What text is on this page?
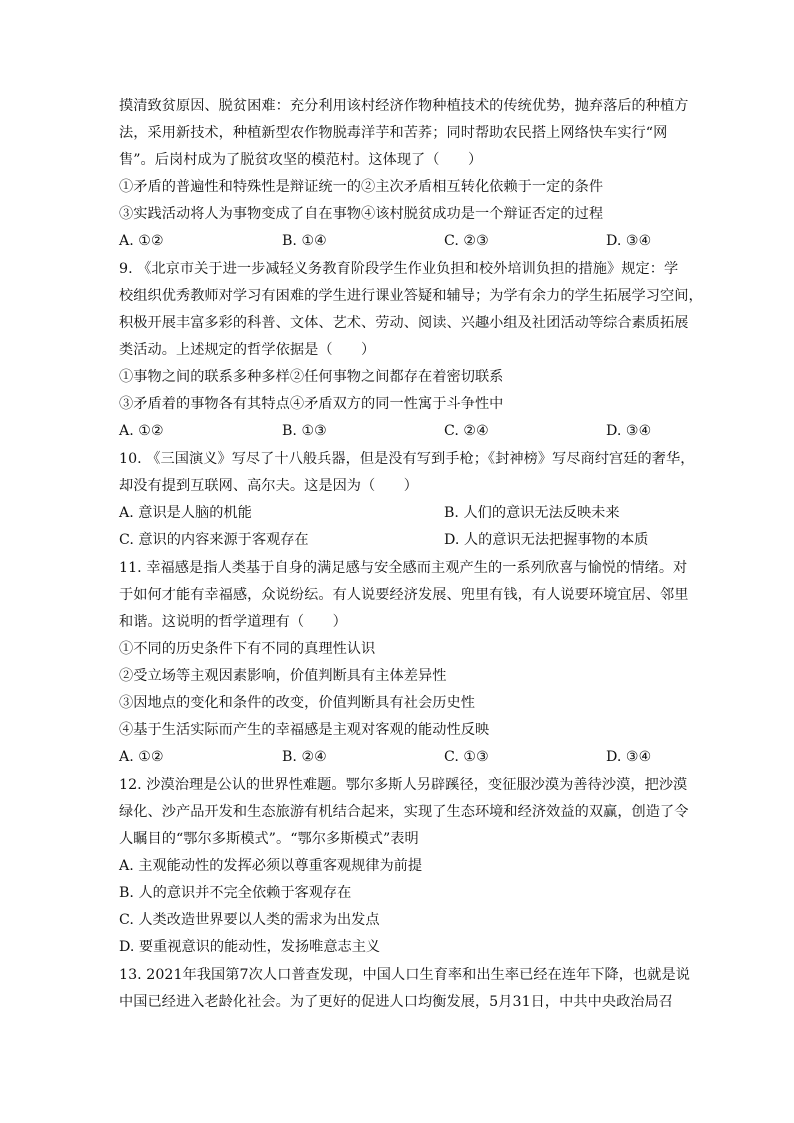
摸清致贫原因、脱贫困难：充分利用该村经济作物种植技术的传统优势，抛弃落后的种植方
法，采用新技术，种植新型农作物脱毒洋芋和苦荞；同时帮助农民搭上网络快车实行“网
售”。后岗村成为了脱贫攻坚的模范村。这体现了（　　）
①矛盾的普遍性和特殊性是辩证统一的②主次矛盾相互转化依赖于一定的条件
③实践活动将人为事物变成了自在事物④该村脱贫成功是一个辩证否定的过程
A. ①②	B. ①④	C. ②③	D. ③④
9. 《北京市关于进一步减轻义务教育阶段学生作业负担和校外培训负担的措施》规定：学
校组织优秀教师对学习有困难的学生进行课业答疑和辅导；为学有余力的学生拓展学习空间，
积极开展丰富多彩的科普、文体、艺术、劳动、阅读、兴趣小组及社团活动等综合素质拓展
类活动。上述规定的哲学依据是（　　）
①事物之间的联系多种多样②任何事物之间都存在着密切联系
③矛盾着的事物各有其特点④矛盾双方的同一性寓于斗争性中
A. ①②	B. ①③	C. ②④	D. ③④
10. 《三国演义》写尽了十八般兵器，但是没有写到手枪；《封神榜》写尽商纣宫廷的奢华，
却没有提到互联网、高尔夫。这是因为（　　）
A. 意识是人脑的机能	B. 人们的意识无法反映未来
C. 意识的内容来源于客观存在	D. 人的意识无法把握事物的本质
11. 幸福感是指人类基于自身的满足感与安全感而主观产生的一系列欣喜与愉悦的情绪。对
于如何才能有幸福感，众说纷纭。有人说要经济发展、兜里有钱，有人说要环境宜居、邻里
和谐。这说明的哲学道理有（　　）
①不同的历史条件下有不同的真理性认识
②受立场等主观因素影响，价值判断具有主体差异性
③因地点的变化和条件的改变，价值判断具有社会历史性
④基于生活实际而产生的幸福感是主观对客观的能动性反映
A. ①②	B. ②④	C. ①③	D. ③④
12. 沙漠治理是公认的世界性难题。鄂尔多斯人另辟蹊径，变征服沙漠为善待沙漠，把沙漠
绿化、沙产品开发和生态旅游有机结合起来，实现了生态环境和经济效益的双赢，创造了令
人瞩目的“鄂尔多斯模式”。“鄂尔多斯模式”表明
A. 主观能动性的发挥必须以尊重客观规律为前提
B. 人的意识并不完全依赖于客观存在
C. 人类改造世界要以人类的需求为出发点
D. 要重视意识的能动性，发扬唯意志主义
13. 2021年我国第7次人口普查发现，中国人口生育率和出生率已经在连年下降，也就是说
中国已经进入老龄化社会。为了更好的促进人口均衡发展，5月31日，中共中央政治局召
